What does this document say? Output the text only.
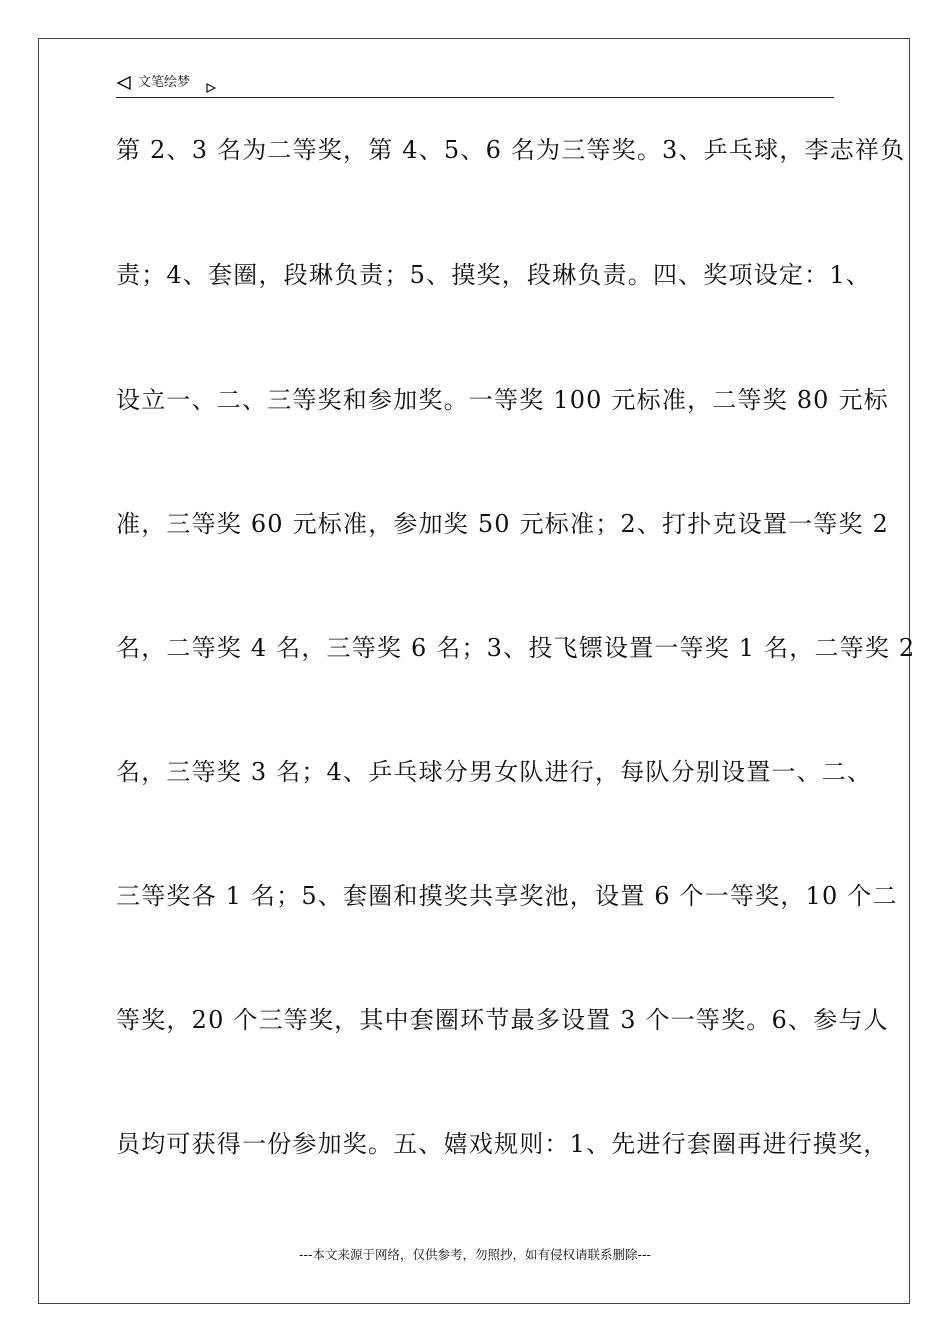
文笔绘梦
第 2、3 名为二等奖，第 4、5、6 名为三等奖。3、乒乓球，李志祥负
责；4、套圈，段琳负责；5、摸奖，段琳负责。四、奖项设定：1、
设立一、二、三等奖和参加奖。一等奖 100 元标准，二等奖 80 元标
准，三等奖 60 元标准，参加奖 50 元标准；2、打扑克设置一等奖 2
名，二等奖 4 名，三等奖 6 名；3、投飞镖设置一等奖 1 名，二等奖 2
名，三等奖 3 名；4、乒乓球分男女队进行，每队分别设置一、二、
三等奖各 1 名；5、套圈和摸奖共享奖池，设置 6 个一等奖，10 个二
等奖，20 个三等奖，其中套圈环节最多设置 3 个一等奖。6、参与人
员均可获得一份参加奖。五、嬉戏规则：1、先进行套圈再进行摸奖，
---本文来源于网络，仅供参考，勿照抄，如有侵权请联系删除---
